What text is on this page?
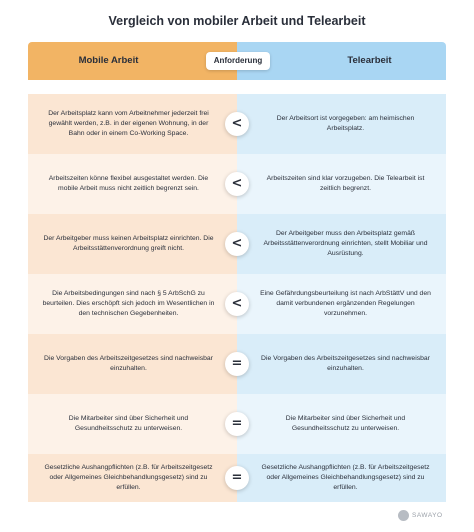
Vergleich von mobiler Arbeit und Telearbeit
Mobile Arbeit	Telearbeit
Anforderung
Der Arbeitsplatz kann vom Arbeitnehmer jederzeit frei gewählt werden, z.B. in der eigenen Wohnung, in der Bahn oder in einem Co-Working Space.
Der Arbeitsort ist vorgegeben: am heimischen Arbeitsplatz.
<
Arbeitszeiten könne flexibel ausgestaltet werden. Die mobile Arbeit muss nicht zeitlich begrenzt sein.
Arbeitszeiten sind klar vorzugeben. Die Telearbeit ist zeitlich begrenzt.
<
Der Arbeitgeber muss keinen Arbeitsplatz einrichten. Die Arbeitsstättenverordnung greift nicht.
Der Arbeitgeber muss den Arbeitsplatz gemäß Arbeitsstättenverordnung einrichten, stellt Mobiliar und Ausrüstung.
<
Die Arbeitsbedingungen sind nach § 5 ArbSchG zu beurteilen. Dies erschöpft sich jedoch im Wesentlichen in den technischen Gegebenheiten.
Eine Gefährdungsbeurteilung ist nach ArbStättV und den damit verbundenen ergänzenden Regelungen vorzunehmen.
<
Die Vorgaben des Arbeitszeitgesetzes sind nachweisbar einzuhalten.
Die Vorgaben des Arbeitszeitgesetzes sind nachweisbar einzuhalten.
=
Die Mitarbeiter sind über Sicherheit und Gesundheitsschutz zu unterweisen.
Die Mitarbeiter sind über Sicherheit und Gesundheitsschutz zu unterweisen.
=
Gesetzliche Aushangpflichten (z.B. für Arbeitszeitgesetz oder Allgemeines Gleichbehandlungsgesetz) sind zu erfüllen.
Gesetzliche Aushangpflichten (z.B. für Arbeitszeitgesetz oder Allgemeines Gleichbehandlungsgesetz) sind zu erfüllen.
=
SAWAYO
